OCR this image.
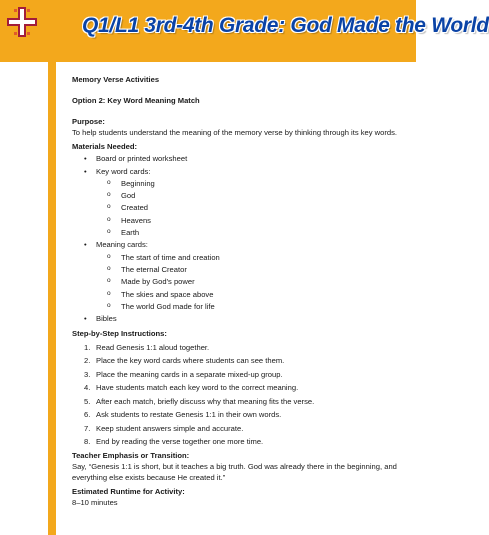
Q1/L1 3rd-4th Grade: God Made the World
Memory Verse Activities
Option 2: Key Word Meaning Match
Purpose:

To help students understand the meaning of the memory verse by thinking through its key words.

Materials Needed:
• Board or printed worksheet
• Key word cards:
o Beginning
o God
o Created
o Heavens
o Earth
• Meaning cards:
o The start of time and creation
o The eternal Creator
o Made by God's power
o The skies and space above
o The world God made for life
• Bibles
Step-by-Step Instructions:
1. Read Genesis 1:1 aloud together.
2. Place the key word cards where students can see them.
3. Place the meaning cards in a separate mixed-up group.
4. Have students match each key word to the correct meaning.
5. After each match, briefly discuss why that meaning fits the verse.
6. Ask students to restate Genesis 1:1 in their own words.
7. Keep student answers simple and accurate.
8. End by reading the verse together one more time.
Teacher Emphasis or Transition:

Say, “Genesis 1:1 is short, but it teaches a big truth. God was already there in the beginning, and everything else exists because He created it.”

Estimated Runtime for Activity:

8–10 minutes
